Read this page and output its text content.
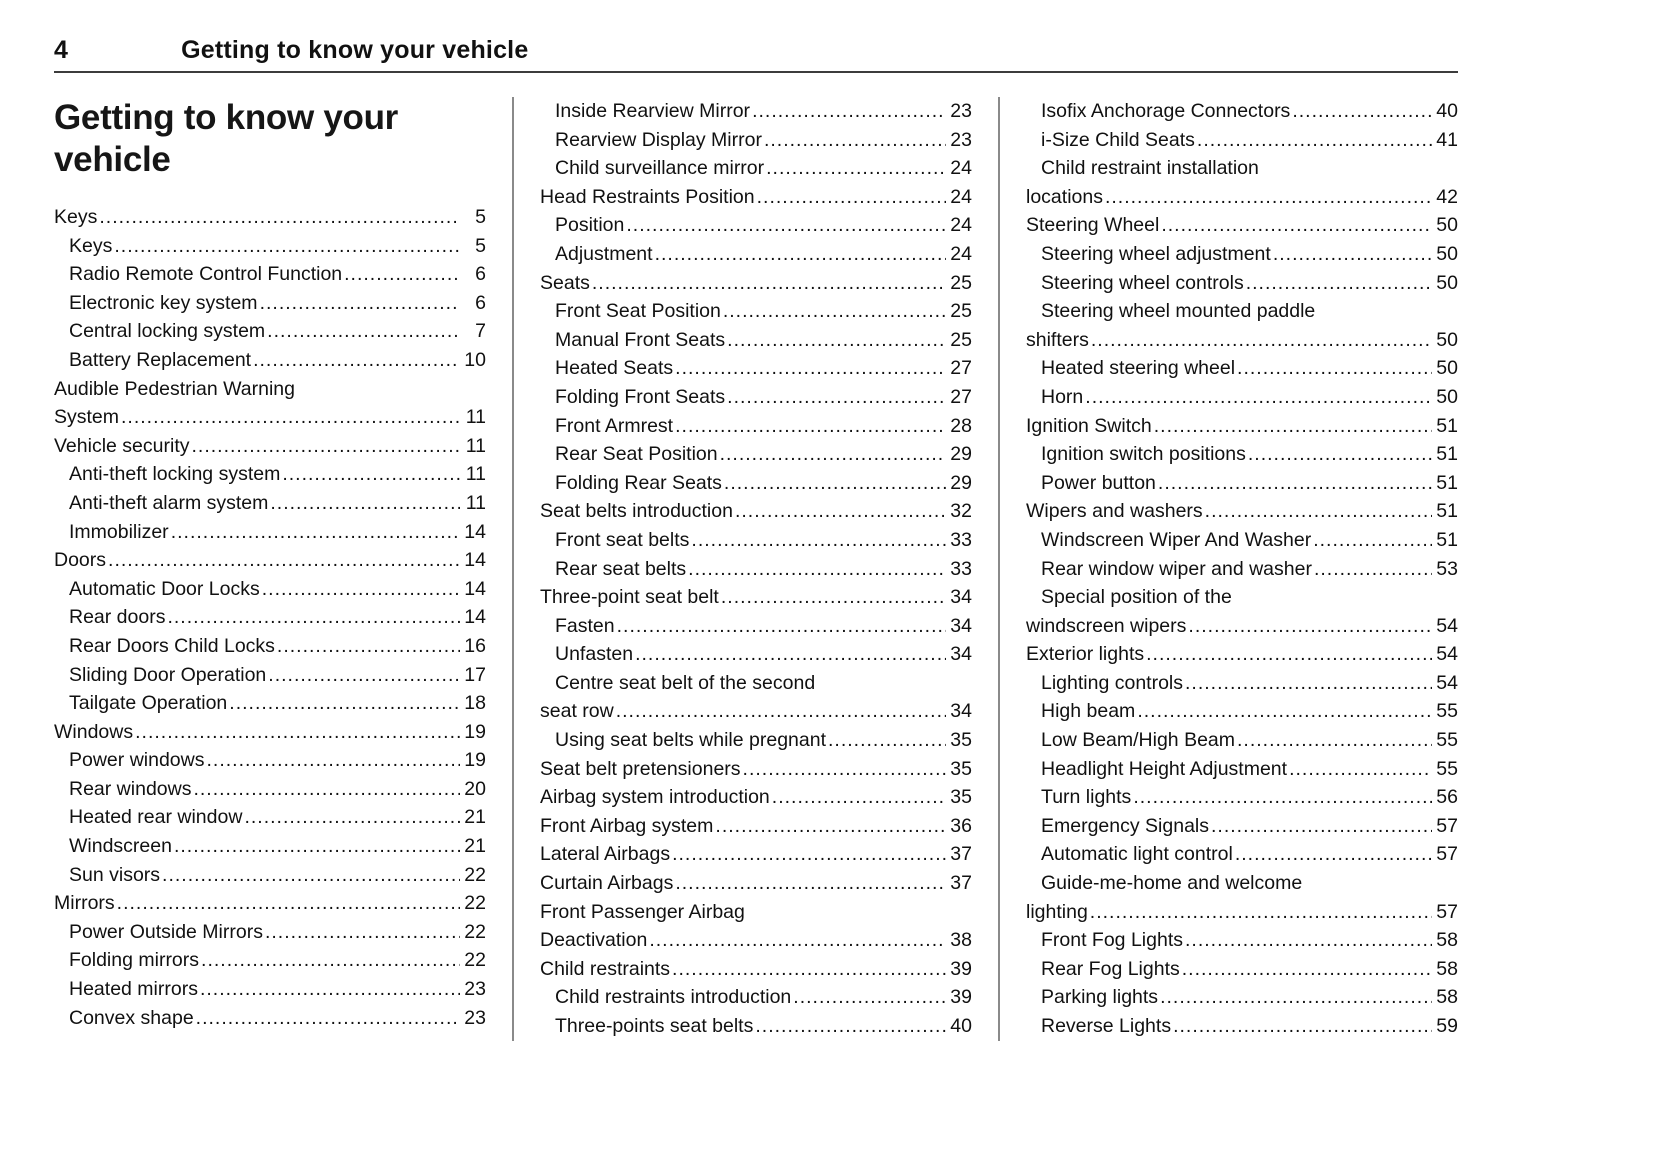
4	Getting to know your vehicle
Getting to know your vehicle
Keys .....	5
Keys .....	5
Radio Remote Control Function .....	6
Electronic key system .....	6
Central locking system .....	7
Battery Replacement .....	10
Audible Pedestrian Warning
System .....	11
Vehicle security .....	11
Anti-theft locking system .....	11
Anti-theft alarm system .....	11
Immobilizer .....	14
Doors .....	14
Automatic Door Locks .....	14
Rear doors .....	14
Rear Doors Child Locks .....	16
Sliding Door Operation .....	17
Tailgate Operation .....	18
Windows .....	19
Power windows .....	19
Rear windows .....	20
Heated rear window .....	21
Windscreen .....	21
Sun visors .....	22
Mirrors .....	22
Power Outside Mirrors .....	22
Folding mirrors .....	22
Heated mirrors .....	23
Convex shape .....	23
Inside Rearview Mirror .....	23
Rearview Display Mirror .....	23
Child surveillance mirror .....	24
Head Restraints Position .....	24
Position .....	24
Adjustment .....	24
Seats .....	25
Front Seat Position .....	25
Manual Front Seats .....	25
Heated Seats .....	27
Folding Front Seats .....	27
Front Armrest .....	28
Rear Seat Position .....	29
Folding Rear Seats .....	29
Seat belts introduction .....	32
Front seat belts .....	33
Rear seat belts .....	33
Three-point seat belt .....	34
Fasten .....	34
Unfasten .....	34
Centre seat belt of the second
seat row .....	34
Using seat belts while pregnant .....	35
Seat belt pretensioners .....	35
Airbag system introduction .....	35
Front Airbag system .....	36
Lateral Airbags .....	37
Curtain Airbags .....	37
Front Passenger Airbag
Deactivation .....	38
Child restraints .....	39
Child restraints introduction .....	39
Three-points seat belts .....	40
Isofix Anchorage Connectors .....	40
i-Size Child Seats .....	41
Child restraint installation
locations .....	42
Steering Wheel .....	50
Steering wheel adjustment .....	50
Steering wheel controls .....	50
Steering wheel mounted paddle
shifters .....	50
Heated steering wheel .....	50
Horn .....	50
Ignition Switch .....	51
Ignition switch positions .....	51
Power button .....	51
Wipers and washers .....	51
Windscreen Wiper And Washer .....	51
Rear window wiper and washer .....	53
Special position of the
windscreen wipers .....	54
Exterior lights .....	54
Lighting controls .....	54
High beam .....	55
Low Beam/High Beam .....	55
Headlight Height Adjustment .....	55
Turn lights .....	56
Emergency Signals .....	57
Automatic light control .....	57
Guide-me-home and welcome
lighting .....	57
Front Fog Lights .....	58
Rear Fog Lights .....	58
Parking lights .....	58
Reverse Lights .....	59
